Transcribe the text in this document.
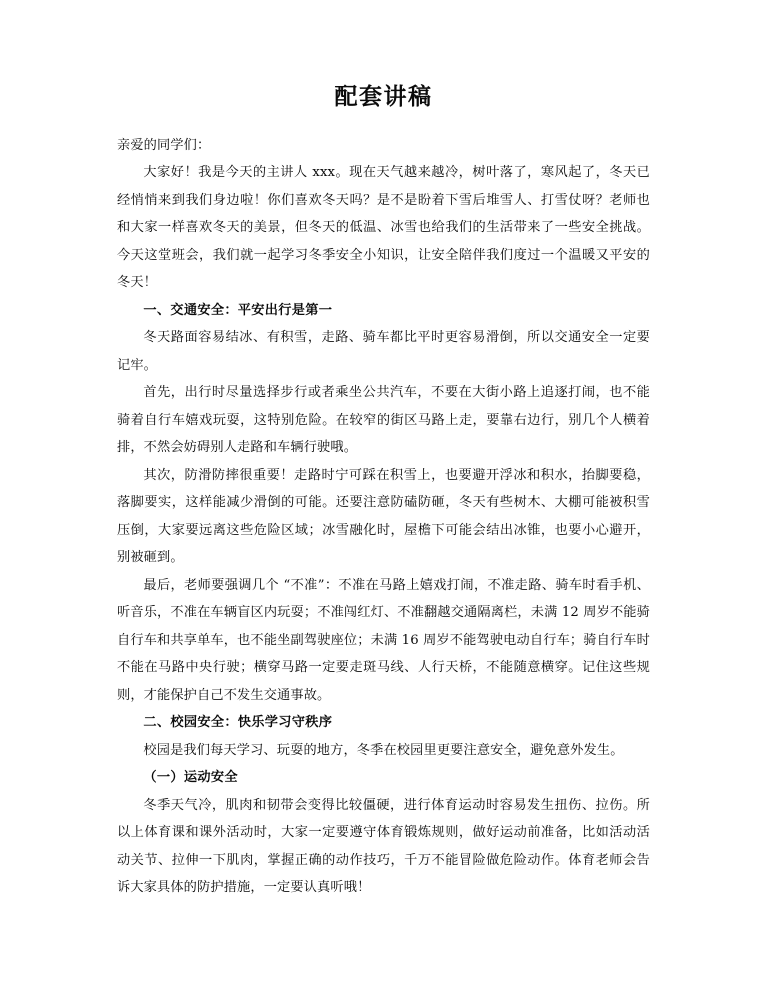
配套讲稿

亲爱的同学们：

大家好！我是今天的主讲人 xxx。现在天气越来越冷，树叶落了，寒风起了，冬天已经悄悄来到我们身边啦！你们喜欢冬天吗？是不是盼着下雪后堆雪人、打雪仗呀？老师也和大家一样喜欢冬天的美景，但冬天的低温、冰雪也给我们的生活带来了一些安全挑战。今天这堂班会，我们就一起学习冬季安全小知识，让安全陪伴我们度过一个温暖又平安的冬天！

一、交通安全：平安出行是第一

冬天路面容易结冰、有积雪，走路、骑车都比平时更容易滑倒，所以交通安全一定要记牢。

首先，出行时尽量选择步行或者乘坐公共汽车，不要在大街小路上追逐打闹，也不能骑着自行车嬉戏玩耍，这特别危险。在较窄的街区马路上走，要靠右边行，别几个人横着排，不然会妨碍别人走路和车辆行驶哦。

其次，防滑防摔很重要！走路时宁可踩在积雪上，也要避开浮冰和积水，抬脚要稳，落脚要实，这样能减少滑倒的可能。还要注意防磕防砸，冬天有些树木、大棚可能被积雪压倒，大家要远离这些危险区域；冰雪融化时，屋檐下可能会结出冰锥，也要小心避开，别被砸到。

最后，老师要强调几个 “不准”：不准在马路上嬉戏打闹，不准走路、骑车时看手机、听音乐，不准在车辆盲区内玩耍；不准闯红灯、不准翻越交通隔离栏，未满 12 周岁不能骑自行车和共享单车，也不能坐副驾驶座位；未满 16 周岁不能驾驶电动自行车；骑自行车时不能在马路中央行驶；横穿马路一定要走斑马线、人行天桥，不能随意横穿。记住这些规则，才能保护自己不发生交通事故。

二、校园安全：快乐学习守秩序

校园是我们每天学习、玩耍的地方，冬季在校园里更要注意安全，避免意外发生。

（一）运动安全

冬季天气冷，肌肉和韧带会变得比较僵硬，进行体育运动时容易发生扭伤、拉伤。所以上体育课和课外活动时，大家一定要遵守体育锻炼规则，做好运动前准备，比如活动活动关节、拉伸一下肌肉，掌握正确的动作技巧，千万不能冒险做危险动作。体育老师会告诉大家具体的防护措施，一定要认真听哦！
